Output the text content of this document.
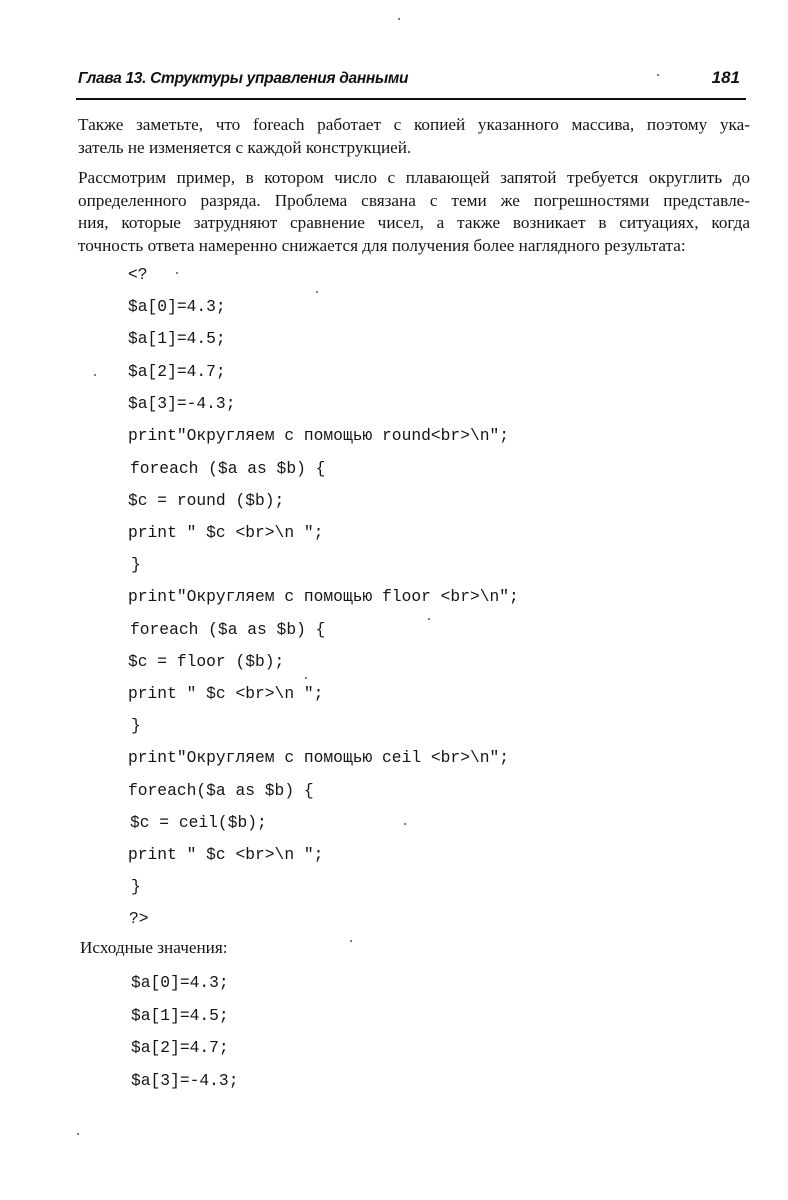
Глава 13. Структуры управления данными	181
Также заметьте, что foreach работает с копией указанного массива, поэтому ука-
затель не изменяется с каждой конструкцией.
Рассмотрим пример, в котором число с плавающей запятой требуется округлить до
определенного разряда. Проблема связана с теми же погрешностями представле-
ния, которые затрудняют сравнение чисел, а также возникает в ситуациях, когда
точность ответа намеренно снижается для получения более наглядного результата:
<?
$a[0]=4.3;
$a[1]=4.5;
$a[2]=4.7;
$a[3]=-4.3;
print"Округляем с помощью round<br>\n";
foreach ($a as $b) {
$c = round ($b);
print " $c <br>\n ";
}
print"Округляем с помощью floor <br>\n";
foreach ($a as $b) {
$c = floor ($b);
print " $c <br>\n ";
}
print"Округляем с помощью ceil <br>\n";
foreach($a as $b) {
$c = ceil($b);
print " $c <br>\n ";
}
?>
Исходные значения:
$a[0]=4.3;
$a[1]=4.5;
$a[2]=4.7;
$a[3]=-4.3;
